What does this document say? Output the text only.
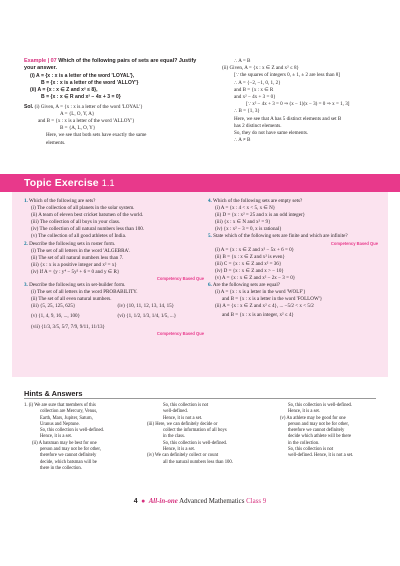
Example | 07 Which of the following pairs of sets are equal? Justify your answer.
(i) A = {x : x is a letter of the word 'LOYAL'},
B = {x : x is a letter of the word 'ALLOY'}
(ii) A = {x : x ∈ Z and x² ≤ 8},
B = {x : x ∈ R and x² − 4x + 3 = 0}
Sol. (i) Given, A = {x : x is a letter of the word 'LOYAL'}
A = {L, O, Y, A}
and B = {x : x is a letter of the word 'ALLOY'}
B = {A, L, O, Y}
Here, we see that both sets have exactly the same
elements.
∴ A = B
(ii) Given, A = {x : x ∈ Z and x² ≤ 8}
[∵ the squares of integers 0, ± 1, ± 2 are less than 8]
∴ A = {−2, −1, 0, 1, 2}
and B = {x : x ∈ R
and x² − 4x + 3 = 0}
[∵ x² − 4x + 3 = 0 ⇒ (x − 1)(x − 3) = 0 ⇒ x = 1, 3]
∴ B = {1, 3}
Here, we see that A has 5 distinct elements and set B
has 2 distinct elements.
So, they do not have same elements.
∴ A ≠ B
Topic Exercise 1.1
1. Which of the following are sets?
(i) The collection of all planets in the solar system.
(ii) A team of eleven best cricket batsmen of the world.
(iii) The collection of all boys in your class.
(iv) The collection of all natural numbers less than 100.
(v) The collection of all good athletes of India.
2. Describe the following sets in roster form.
(i) The set of all letters in the word 'ALGEBRA'.
(ii) The set of all natural numbers less than 7.
(iii) {x : x is a positive integer and x² = x}
(iv) If A = {y : y⁴ − 5y² + 6 = 0 and y ∈ R}
Competency Based Que
3. Describe the following sets in set-builder form.
(i) The set of all letters in the word PROBABILITY.
(ii) The set of all even natural numbers.
(iii) {5, 25, 125, 625}	(iv) {10, 11, 12, 13, 14, 15}
(v) {1, 4, 9, 16, ..., 100}	(vi) {1, 1/2, 1/3, 1/4, 1/5, ...}
(vii) {1/3, 3/5, 5/7, 7/9, 9/11, 11/13}
Competency Based Que
4. Which of the following sets are empty sets?
(i) A = {x : 4 < x < 5, x ∈ N}
(ii) D = {x : x² = 25 and x is an odd integer}
(iii) {x : x ∈ N and x² = 9}
(iv) {x : x² − 3 = 0, x is rational}
5. State which of the following sets are finite and which are infinite?
Competency Based Que
(i) A = {x : x ∈ Z and x² − 5x + 6 = 0}
(ii) B = {x : x ∈ Z and x² is even}
(iii) C = {x : x ∈ Z and x² = 36}
(iv) D = {x : x ∈ Z and x > − 10}
(v) A = {x : x ∈ Z and x² − 2x − 3 = 0}
6. Are the following sets are equal?
(i) A = {x : x is a letter in the word 'WOLF'}
and B = {x : x is a letter in the word 'FOLLOW'}
(ii) A = {x : x ∈ Z and x² ≤ 4}, ... −5/2 < x < 5/2
and B = {x : x is an integer, x² ≤ 4}
Hints & Answers
1. (i) We are sure that members of this
collection are Mercury, Venus,
Earth, Mars, Jupiter, Saturn,
Uranus and Neptune.
So, this collection is well-defined.
Hence, it is a set.
(ii) A batsman may be best for one
person and may not be for other,
therefore we cannot definitely
decide, which batsman will be
there in the collection.
So, this collection is not
well-defined.
Hence, it is not a set.
(iii) Here, we can definitely decide or
collect the information of all boys
in the class.
So, this collection is well-defined.
Hence, it is a set.
(iv) We can definitely collect or count
all the natural numbers less than 100.
So, this collection is well-defined.
Hence, it is a set.
(v) An athlete may be good for one
person and may not be for other,
therefore we cannot definitely
decide which athlete will be there
in the collection.
So, this collection is not
well-defined. Hence, it is not a set.
4  ●  All-in-one Advanced Mathematics Class 9
